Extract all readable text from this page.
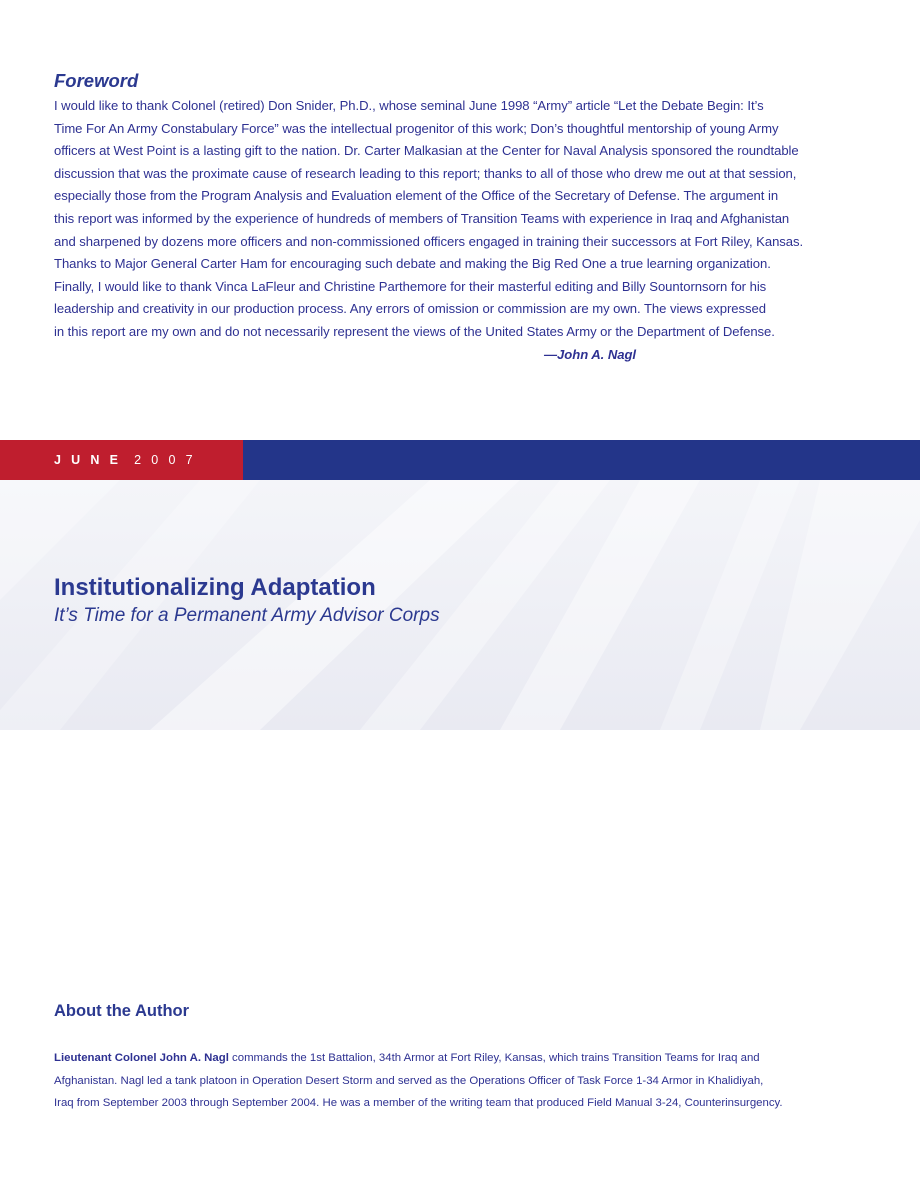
Foreword
I would like to thank Colonel (retired) Don Snider, Ph.D., whose seminal June 1998 “Army” article “Let the Debate Begin: It’s
Time For An Army Constabulary Force” was the intellectual progenitor of this work; Don’s thoughtful mentorship of young Army
officers at West Point is a lasting gift to the nation. Dr. Carter Malkasian at the Center for Naval Analysis sponsored the roundtable
discussion that was the proximate cause of research leading to this report; thanks to all of those who drew me out at that session,
especially those from the Program Analysis and Evaluation element of the Office of the Secretary of Defense. The argument in
this report was informed by the experience of hundreds of members of Transition Teams with experience in Iraq and Afghanistan
and sharpened by dozens more officers and non-commissioned officers engaged in training their successors at Fort Riley, Kansas.
Thanks to Major General Carter Ham for encouraging such debate and making the Big Red One a true learning organization.
Finally, I would like to thank Vinca LaFleur and Christine Parthemore for their masterful editing and Billy Sountornsorn for his
leadership and creativity in our production process. Any errors of omission or commission are my own. The views expressed
in this report are my own and do not necessarily represent the views of the United States Army or the Department of Defense.
—John A. Nagl
JUNE 2007
Institutionalizing Adaptation
It’s Time for a Permanent Army Advisor Corps
About the Author
Lieutenant Colonel John A. Nagl commands the 1st Battalion, 34th Armor at Fort Riley, Kansas, which trains Transition Teams for Iraq and
Afghanistan. Nagl led a tank platoon in Operation Desert Storm and served as the Operations Officer of Task Force 1-34 Armor in Khalidiyah,
Iraq from September 2003 through September 2004. He was a member of the writing team that produced Field Manual 3-24, Counterinsurgency.
